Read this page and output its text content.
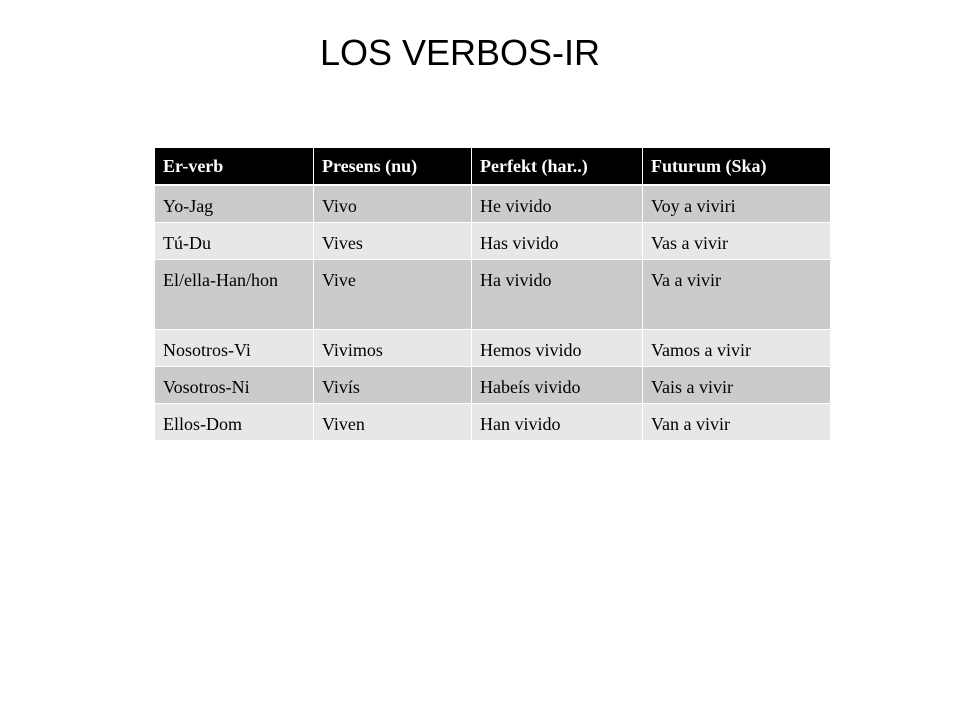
LOS VERBOS-IR
Er-verb	Presens (nu)	Perfekt (har..)	Futurum (Ska)
Yo-Jag	Vivo	He vivido	Voy a viviri
Tú-Du	Vives	Has vivido	Vas a vivir
El/ella-Han/hon	Vive	Ha vivido	Va a vivir
Nosotros-Vi	Vivimos	Hemos vivido	Vamos a vivir
Vosotros-Ni	Vivís	Habeís vivido	Vais a vivir
Ellos-Dom	Viven	Han vivido	Van a vivir
